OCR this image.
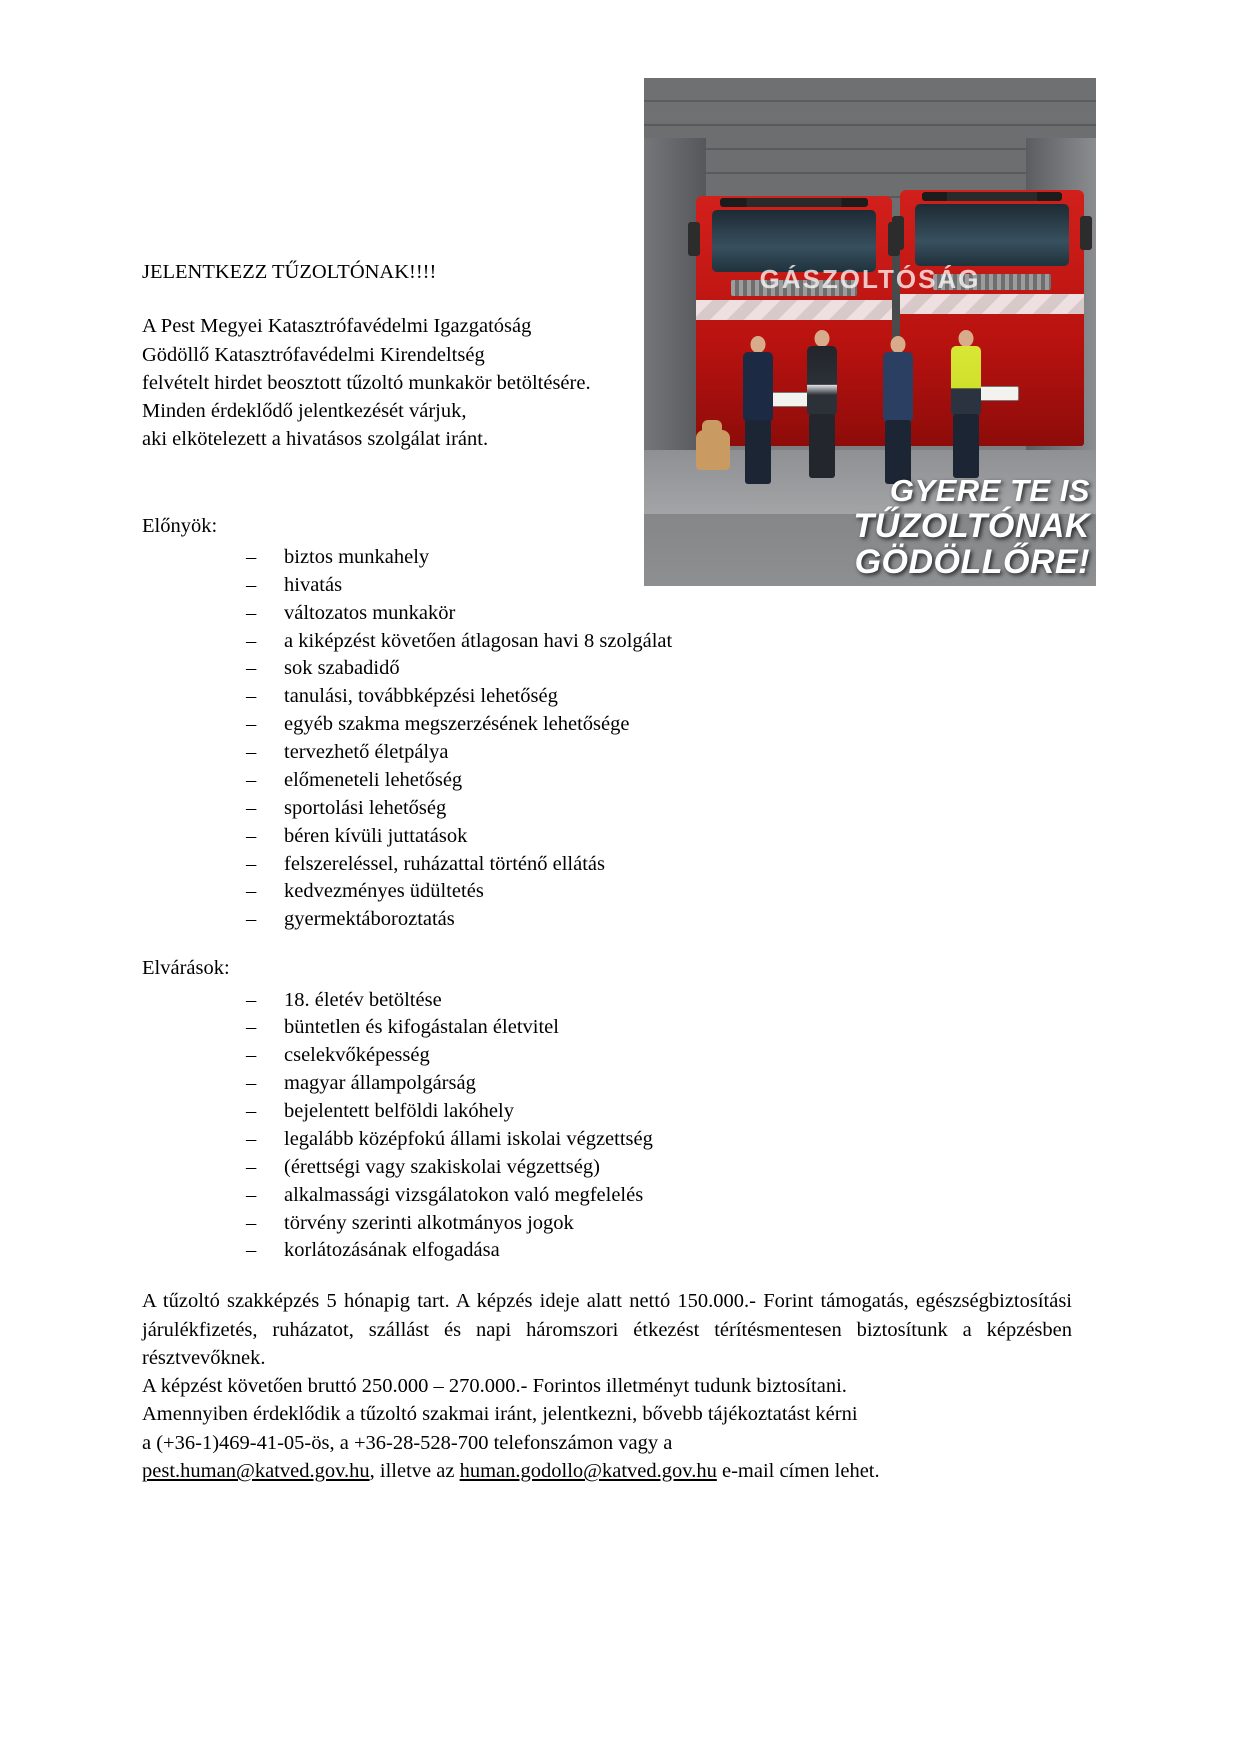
GÁSZOLTÓSÁG
GYERE TE IS
TŰZOLTÓNAK
GÖDÖLLŐRE!

JELENTKEZZ TŰZOLTÓNAK!!!!

A Pest Megyei Katasztrófavédelmi Igazgatóság

Gödöllő Katasztrófavédelmi Kirendeltség

felvételt hirdet beosztott tűzoltó munkakör betöltésére.

Minden érdeklődő jelentkezését várjuk,

aki elkötelezett a hivatásos szolgálat iránt.

Előnyök:

– biztos munkahely
– hivatás
– változatos munkakör
– a kiképzést követően átlagosan havi 8 szolgálat
– sok szabadidő
– tanulási, továbbképzési lehetőség
– egyéb szakma megszerzésének lehetősége
– tervezhető életpálya
– előmeneteli lehetőség
– sportolási lehetőség
– béren kívüli juttatások
– felszereléssel, ruházattal történő ellátás
– kedvezményes üdültetés
– gyermektáboroztatás

Elvárások:

– 18. életév betöltése
– büntetlen és kifogástalan életvitel
– cselekvőképesség
– magyar állampolgárság
– bejelentett belföldi lakóhely
– legalább középfokú állami iskolai végzettség
– (érettségi vagy szakiskolai végzettség)
– alkalmassági vizsgálatokon való megfelelés
– törvény szerinti alkotmányos jogok
– korlátozásának elfogadása

A tűzoltó szakképzés 5 hónapig tart. A képzés ideje alatt nettó 150.000.- Forint támogatás, egészségbiztosítási járulékfizetés, ruházatot, szállást és napi háromszori étkezést térítésmentesen biztosítunk a képzésben résztvevőknek.

A képzést követően bruttó 250.000 – 270.000.- Forintos illetményt tudunk biztosítani.

Amennyiben érdeklődik a tűzoltó szakmai iránt, jelentkezni, bővebb tájékoztatást kérni

a (+36-1)469-41-05-ös, a +36-28-528-700 telefonszámon vagy a

pest.human@katved.gov.hu, illetve az human.godollo@katved.gov.hu e-mail címen lehet.
